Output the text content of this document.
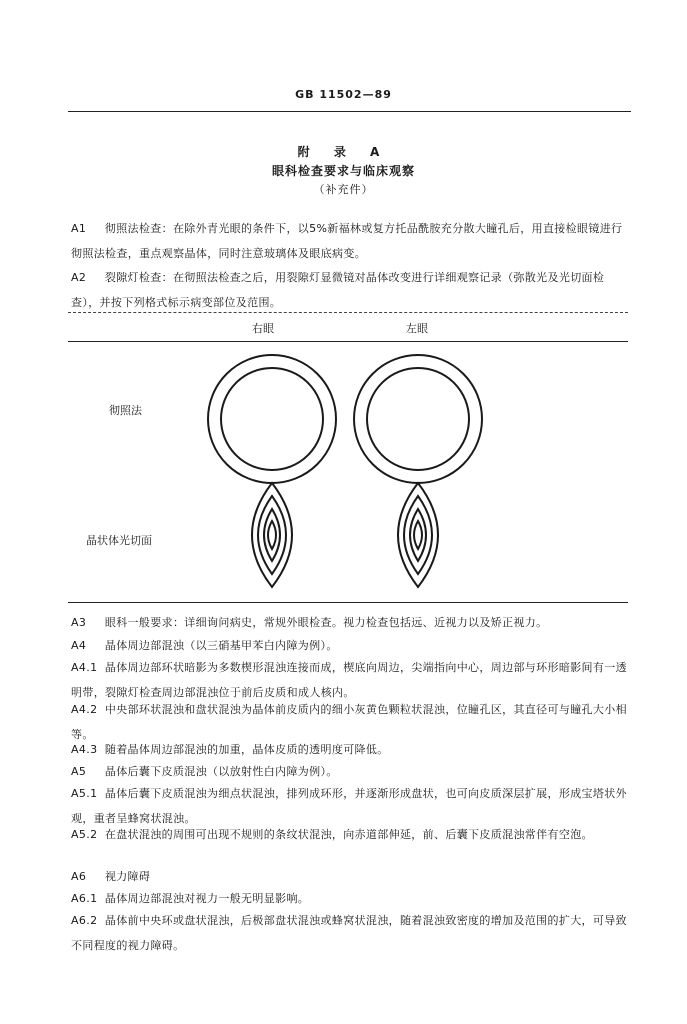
GB 11502—89
附 录 A
眼科检查要求与临床观察
（补充件）
A1 彻照法检查：在除外青光眼的条件下，以5%新福林或复方托品酰胺充分散大瞳孔后，用直接检眼镜进行彻照法检查，重点观察晶体，同时注意玻璃体及眼底病变。
A2 裂隙灯检查：在彻照法检查之后，用裂隙灯显微镜对晶体改变进行详细观察记录（弥散光及光切面检查），并按下列格式标示病变部位及范围。
右眼	左眼
彻照法
晶状体光切面
A3 眼科一般要求：详细询问病史，常规外眼检查。视力检查包括远、近视力以及矫正视力。
A4 晶体周边部混浊（以三硝基甲苯白内障为例）。
A4.1 晶体周边部环状暗影为多数楔形混浊连接而成，楔底向周边，尖端指向中心，周边部与环形暗影间有一透明带，裂隙灯检查周边部混浊位于前后皮质和成人核内。
A4.2 中央部环状混浊和盘状混浊为晶体前皮质内的细小灰黄色颗粒状混浊，位瞳孔区，其直径可与瞳孔大小相等。
A4.3 随着晶体周边部混浊的加重，晶体皮质的透明度可降低。
A5 晶体后囊下皮质混浊（以放射性白内障为例）。
A5.1 晶体后囊下皮质混浊为细点状混浊，排列成环形，并逐渐形成盘状，也可向皮质深层扩展，形成宝塔状外观，重者呈蜂窝状混浊。
A5.2 在盘状混浊的周围可出现不规则的条纹状混浊，向赤道部伸延，前、后囊下皮质混浊常伴有空泡。
A6 视力障碍
A6.1 晶体周边部混浊对视力一般无明显影响。
A6.2 晶体前中央环或盘状混浊，后极部盘状混浊或蜂窝状混浊，随着混浊致密度的增加及范围的扩大，可导致不同程度的视力障碍。
